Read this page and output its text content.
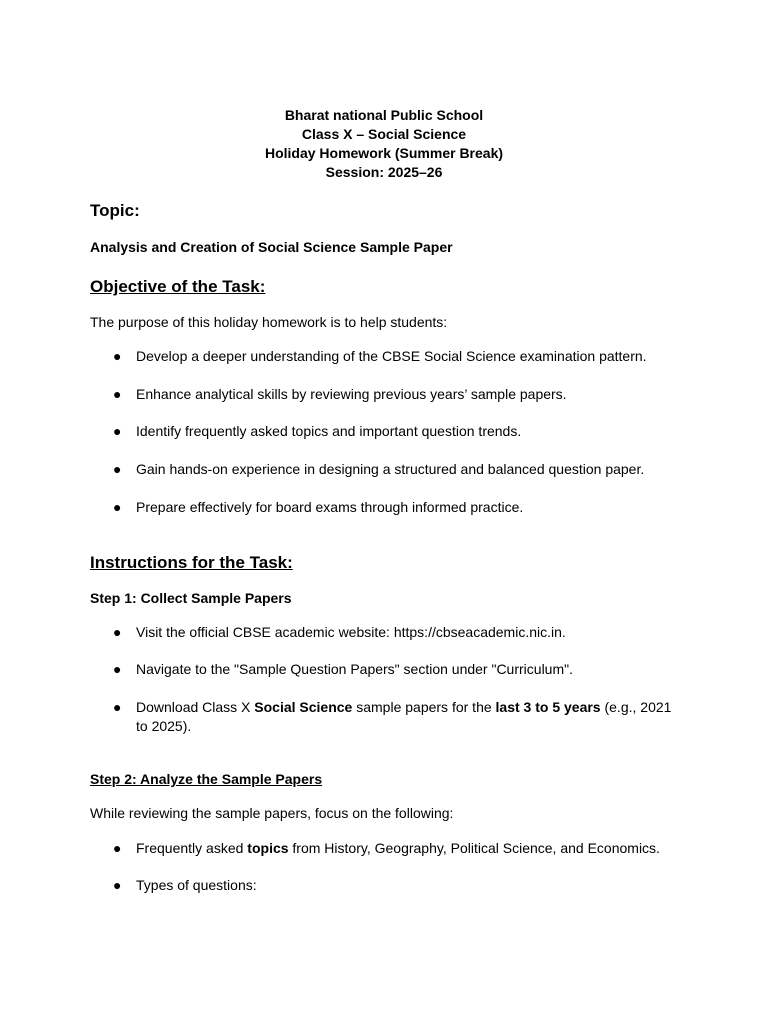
Bharat national Public School
Class X – Social Science
Holiday Homework (Summer Break)
Session: 2025–26
Topic:
Analysis and Creation of Social Science Sample Paper
Objective of the Task:
The purpose of this holiday homework is to help students:
●	Develop a deeper understanding of the CBSE Social Science examination pattern.
●	Enhance analytical skills by reviewing previous years’ sample papers.
●	Identify frequently asked topics and important question trends.
●	Gain hands-on experience in designing a structured and balanced question paper.
●	Prepare effectively for board exams through informed practice.
Instructions for the Task:
Step 1: Collect Sample Papers
●	Visit the official CBSE academic website: https://cbseacademic.nic.in.
●	Navigate to the "Sample Question Papers" section under "Curriculum".
●	Download Class X Social Science sample papers for the last 3 to 5 years (e.g., 2021 to 2025).
Step 2: Analyze the Sample Papers
While reviewing the sample papers, focus on the following:
●	Frequently asked topics from History, Geography, Political Science, and Economics.
●	Types of questions:
